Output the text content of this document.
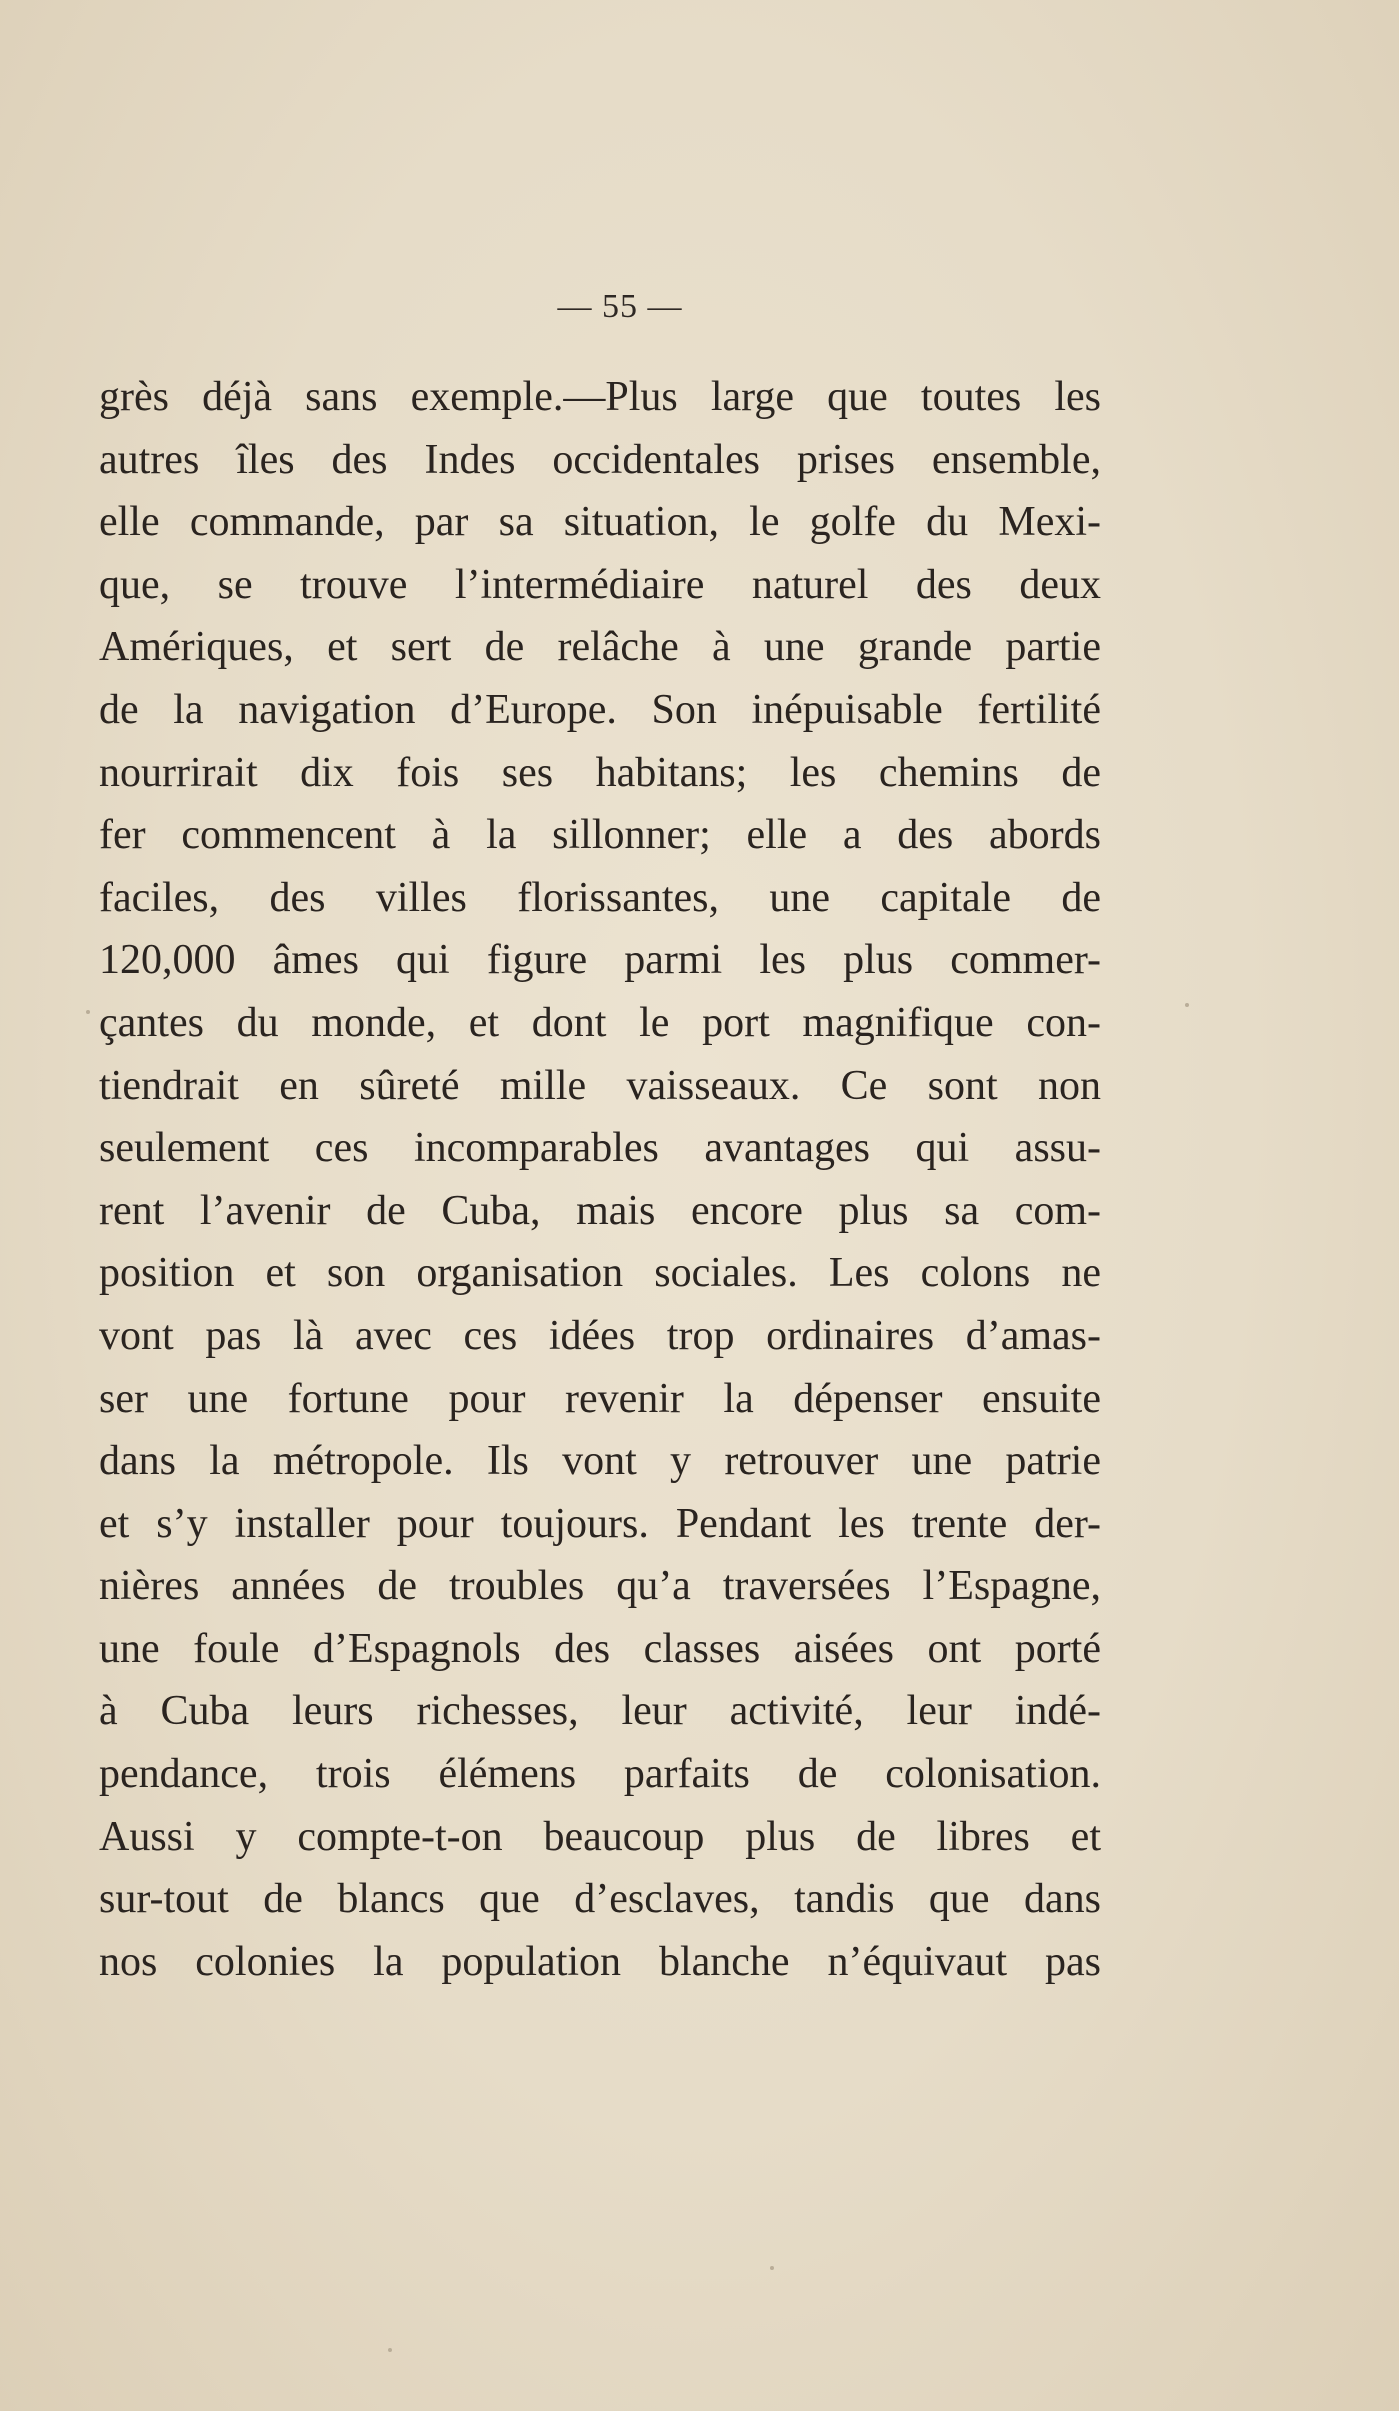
— 55 —
grès déjà sans exemple.—Plus large que toutes les
autres îles des Indes occidentales prises ensemble,
elle commande, par sa situation, le golfe du Mexi-
que, se trouve l’intermédiaire naturel des deux
Amériques, et sert de relâche à une grande partie
de la navigation d’Europe. Son inépuisable fertilité
nourrirait dix fois ses habitans; les chemins de
fer commencent à la sillonner; elle a des abords
faciles, des villes florissantes, une capitale de
120,000 âmes qui figure parmi les plus commer-
çantes du monde, et dont le port magnifique con-
tiendrait en sûreté mille vaisseaux. Ce sont non
seulement ces incomparables avantages qui assu-
rent l’avenir de Cuba, mais encore plus sa com-
position et son organisation sociales. Les colons ne
vont pas là avec ces idées trop ordinaires d’amas-
ser une fortune pour revenir la dépenser ensuite
dans la métropole. Ils vont y retrouver une patrie
et s’y installer pour toujours. Pendant les trente der-
nières années de troubles qu’a traversées l’Espagne,
une foule d’Espagnols des classes aisées ont porté
à Cuba leurs richesses, leur activité, leur indé-
pendance, trois élémens parfaits de colonisation.
Aussi y compte-t-on beaucoup plus de libres et
sur-tout de blancs que d’esclaves, tandis que dans
nos colonies la population blanche n’équivaut pas
